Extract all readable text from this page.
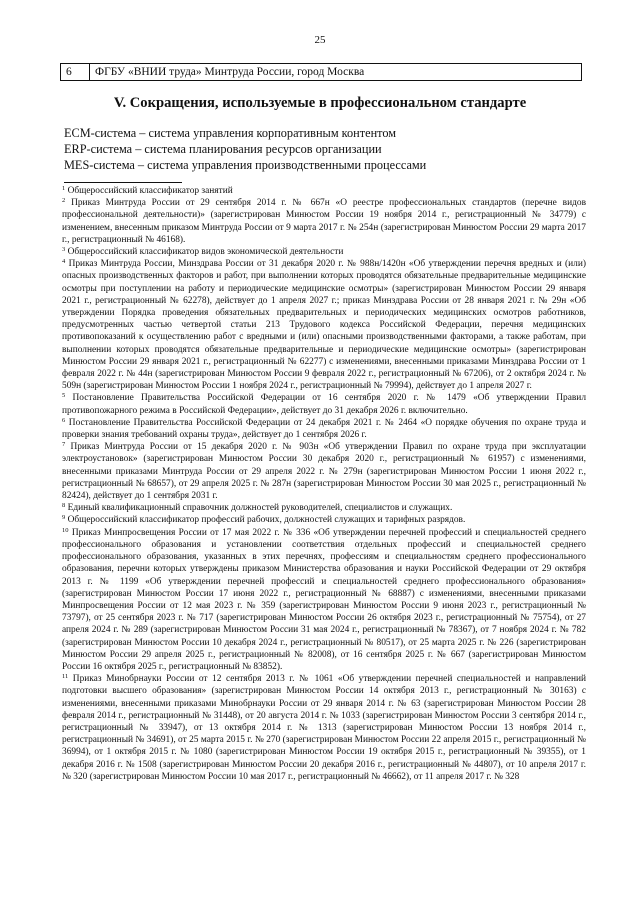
25
6	ФГБУ «ВНИИ труда» Минтруда России, город Москва
V. Сокращения, используемые в профессиональном стандарте
ECM-система – система управления корпоративным контентом
ERP-система – система планирования ресурсов организации
MES-система – система управления производственными процессами

$^1$ Общероссийский классификатор занятий

$^2$ Приказ Минтруда России от 29 сентября 2014 г. № 667н «О реестре профессиональных стандартов (перечне видов профессиональной деятельности)» (зарегистрирован Минюстом России 19 ноября 2014 г., регистрационный № 34779) с изменением, внесенным приказом Минтруда России от 9 марта 2017 г. № 254н (зарегистрирован Минюстом России 29 марта 2017 г., регистрационный № 46168).

$^3$ Общероссийский классификатор видов экономической деятельности

$^4$ Приказ Минтруда России, Минздрава России от 31 декабря 2020 г. № 988н/1420н «Об утверждении перечня вредных и (или) опасных производственных факторов и работ, при выполнении которых проводятся обязательные предварительные медицинские осмотры при поступлении на работу и периодические медицинские осмотры» (зарегистрирован Минюстом России 29 января 2021 г., регистрационный № 62278), действует до 1 апреля 2027 г.; приказ Минздрава России от 28 января 2021 г. № 29н «Об утверждении Порядка проведения обязательных предварительных и периодических медицинских осмотров работников, предусмотренных частью четвертой статьи 213 Трудового кодекса Российской Федерации, перечня медицинских противопоказаний к осуществлению работ с вредными и (или) опасными производственными факторами, а также работам, при выполнении которых проводятся обязательные предварительные и периодические медицинские осмотры» (зарегистрирован Минюстом России 29 января 2021 г., регистрационный № 62277) с изменениями, внесенными приказами Минздрава России от 1 февраля 2022 г. № 44н (зарегистрирован Минюстом России 9 февраля 2022 г., регистрационный № 67206), от 2 октября 2024 г. № 509н (зарегистрирован Минюстом России 1 ноября 2024 г., регистрационный № 79994), действует до 1 апреля 2027 г.

$^5$ Постановление Правительства Российской Федерации от 16 сентября 2020 г. № 1479 «Об утверждении Правил противопожарного режима в Российской Федерации», действует до 31 декабря 2026 г. включительно.

$^6$ Постановление Правительства Российской Федерации от 24 декабря 2021 г. № 2464 «О порядке обучения по охране труда и проверки знания требований охраны труда», действует до 1 сентября 2026 г.

$^7$ Приказ Минтруда России от 15 декабря 2020 г. № 903н «Об утверждении Правил по охране труда при эксплуатации электроустановок» (зарегистрирован Минюстом России 30 декабря 2020 г., регистрационный № 61957) с изменениями, внесенными приказами Минтруда России от 29 апреля 2022 г. № 279н (зарегистрирован Минюстом России 1 июня 2022 г., регистрационный № 68657), от 29 апреля 2025 г. № 287н (зарегистрирован Минюстом России 30 мая 2025 г., регистрационный № 82424), действует до 1 сентября 2031 г.

$^8$ Единый квалификационный справочник должностей руководителей, специалистов и служащих.

$^9$ Общероссийский классификатор профессий рабочих, должностей служащих и тарифных разрядов.

$^{10}$ Приказ Минпросвещения России от 17 мая 2022 г. № 336 «Об утверждении перечней профессий и специальностей среднего профессионального образования и установлении соответствия отдельных профессий и специальностей среднего профессионального образования, указанных в этих перечнях, профессиям и специальностям среднего профессионального образования, перечни которых утверждены приказом Министерства образования и науки Российской Федерации от 29 октября 2013 г. № 1199 «Об утверждении перечней профессий и специальностей среднего профессионального образования» (зарегистрирован Минюстом России 17 июня 2022 г., регистрационный № 68887) с изменениями, внесенными приказами Минпросвещения России от 12 мая 2023 г. № 359 (зарегистрирован Минюстом России 9 июня 2023 г., регистрационный № 73797), от 25 сентября 2023 г. № 717 (зарегистрирован Минюстом России 26 октября 2023 г., регистрационный № 75754), от 27 апреля 2024 г. № 289 (зарегистрирован Минюстом России 31 мая 2024 г., регистрационный № 78367), от 7 ноября 2024 г. № 782 (зарегистрирован Минюстом России 10 декабря 2024 г., регистрационный № 80517), от 25 марта 2025 г. № 226 (зарегистрирован Минюстом России 29 апреля 2025 г., регистрационный № 82008), от 16 сентября 2025 г. № 667 (зарегистрирован Минюстом России 16 октября 2025 г., регистрационный № 83852).

$^{11}$ Приказ Минобрнауки России от 12 сентября 2013 г. № 1061 «Об утверждении перечней специальностей и направлений подготовки высшего образования» (зарегистрирован Минюстом России 14 октября 2013 г., регистрационный № 30163) с изменениями, внесенными приказами Минобрнауки России от 29 января 2014 г. № 63 (зарегистрирован Минюстом России 28 февраля 2014 г., регистрационный № 31448), от 20 августа 2014 г. № 1033 (зарегистрирован Минюстом России 3 сентября 2014 г., регистрационный № 33947), от 13 октября 2014 г. № 1313 (зарегистрирован Минюстом России 13 ноября 2014 г., регистрационный № 34691), от 25 марта 2015 г. № 270 (зарегистрирован Минюстом России 22 апреля 2015 г., регистрационный № 36994), от 1 октября 2015 г. № 1080 (зарегистрирован Минюстом России 19 октября 2015 г., регистрационный № 39355), от 1 декабря 2016 г. № 1508 (зарегистрирован Минюстом России 20 декабря 2016 г., регистрационный № 44807), от 10 апреля 2017 г. № 320 (зарегистрирован Минюстом России 10 мая 2017 г., регистрационный № 46662), от 11 апреля 2017 г. № 328
